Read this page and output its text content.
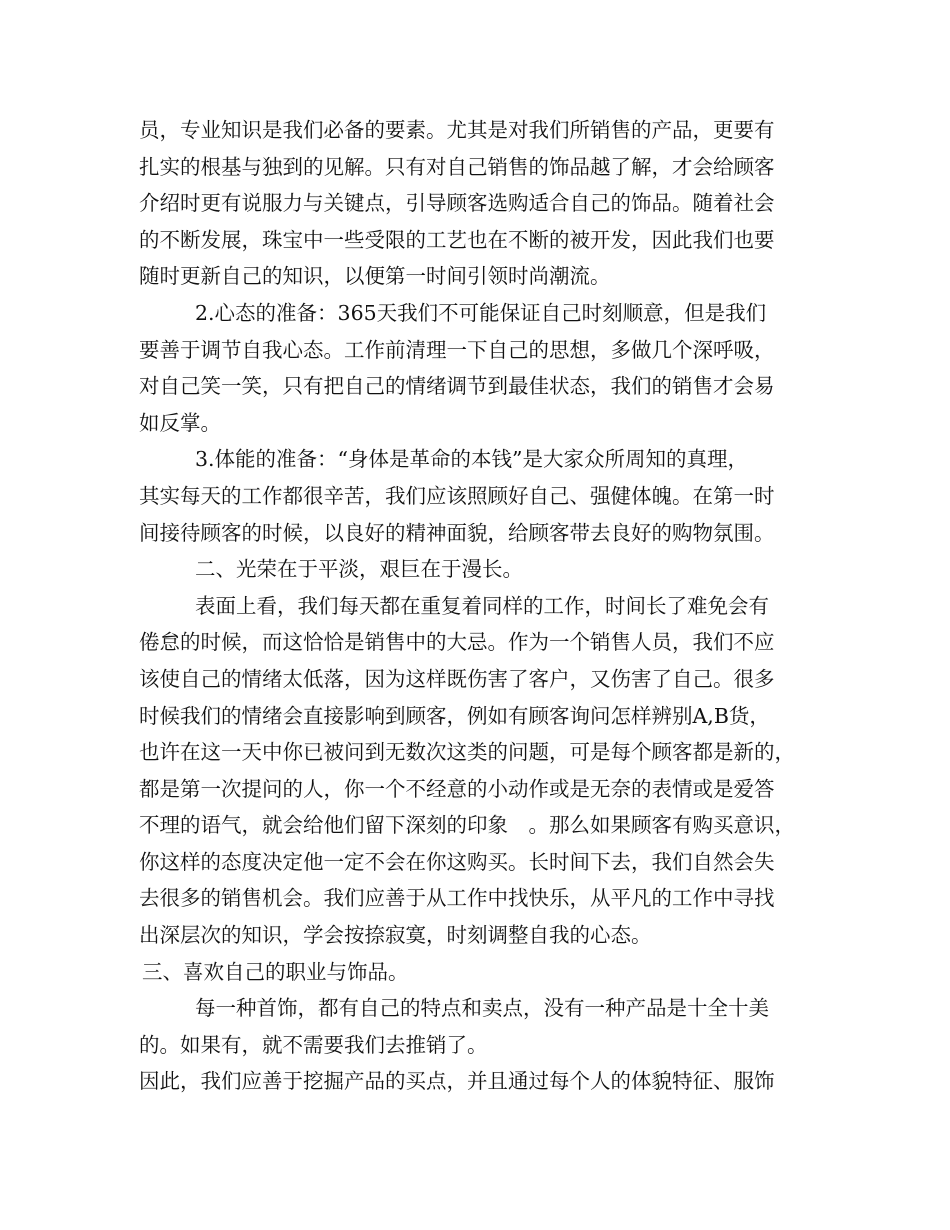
员，专业知识是我们必备的要素。尤其是对我们所销售的产品，更要有
扎实的根基与独到的见解。只有对自己销售的饰品越了解，才会给顾客
介绍时更有说服力与关键点，引导顾客选购适合自己的饰品。随着社会
的不断发展，珠宝中一些受限的工艺也在不断的被开发，因此我们也要
随时更新自己的知识，以便第一时间引领时尚潮流。
2.心态的准备：365天我们不可能保证自己时刻顺意，但是我们
要善于调节自我心态。工作前清理一下自己的思想，多做几个深呼吸，
对自己笑一笑，只有把自己的情绪调节到最佳状态，我们的销售才会易
如反掌。
3.体能的准备：“身体是革命的本钱”是大家众所周知的真理，
其实每天的工作都很辛苦，我们应该照顾好自己、强健体魄。在第一时
间接待顾客的时候，以良好的精神面貌，给顾客带去良好的购物氛围。
二、光荣在于平淡，艰巨在于漫长。
表面上看，我们每天都在重复着同样的工作，时间长了难免会有
倦怠的时候，而这恰恰是销售中的大忌。作为一个销售人员，我们不应
该使自己的情绪太低落，因为这样既伤害了客户，又伤害了自己。很多
时候我们的情绪会直接影响到顾客，例如有顾客询问怎样辨别A,B货，
也许在这一天中你已被问到无数次这类的问题，可是每个顾客都是新的，
都是第一次提问的人，你一个不经意的小动作或是无奈的表情或是爱答
不理的语气，就会给他们留下深刻的印象　。那么如果顾客有购买意识，
你这样的态度决定他一定不会在你这购买。长时间下去，我们自然会失
去很多的销售机会。我们应善于从工作中找快乐，从平凡的工作中寻找
出深层次的知识，学会按捺寂寞，时刻调整自我的心态。
三、喜欢自己的职业与饰品。
每一种首饰，都有自己的特点和卖点，没有一种产品是十全十美
的。如果有，就不需要我们去推销了。
因此，我们应善于挖掘产品的买点，并且通过每个人的体貌特征、服饰
